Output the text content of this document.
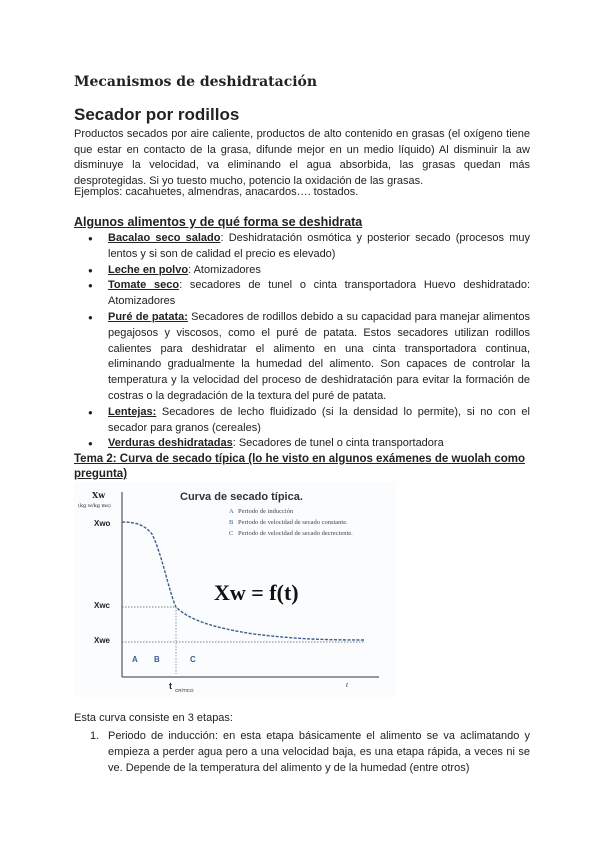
Mecanismos de deshidratación
Secador por rodillos
Productos secados por aire caliente, productos de alto contenido en grasas (el oxígeno tiene que estar en contacto de la grasa, difunde mejor en un medio líquido) Al disminuir la aw disminuye la velocidad, va eliminando el agua absorbida, las grasas quedan más desprotegidas. Si yo tuesto mucho, potencio la oxidación de las grasas.
Ejemplos: cacahuetes, almendras, anacardos…. tostados.
Algunos alimentos y de qué forma se deshidrata
● Bacalao seco salado: Deshidratación osmótica y posterior secado (procesos muy lentos y si son de calidad el precio es elevado)
● Leche en polvo: Atomizadores
● Tomate seco: secadores de tunel o cinta transportadora Huevo deshidratado: Atomizadores
● Puré de patata: Secadores de rodillos debido a su capacidad para manejar alimentos pegajosos y viscosos, como el puré de patata. Estos secadores utilizan rodillos calientes para deshidratar el alimento en una cinta transportadora continua, eliminando gradualmente la humedad del alimento. Son capaces de controlar la temperatura y la velocidad del proceso de deshidratación para evitar la formación de costras o la degradación de la textura del puré de patata.
● Lentejas: Secadores de lecho fluidizado (si la densidad lo permite), si no con el secador para granos (cereales)
● Verduras deshidratadas: Secadores de tunel o cinta transportadora
Tema 2: Curva de secado típica (lo he visto en algunos exámenes de wuolah como pregunta)
Xw
(kg w/kg ms)
Curva de secado típica.
A Periodo de inducción
B Periodo de velocidad de secado constante.
C Periodo de velocidad de secado decreciente.
Xwo
Xwc
Xwe
Xw = f(t)
A B	C
t CRÍTICO
t
Esta curva consiste en 3 etapas:
1. Periodo de inducción: en esta etapa básicamente el alimento se va aclimatando y empieza a perder agua pero a una velocidad baja, es una etapa rápida, a veces ni se ve. Depende de la temperatura del alimento y de la humedad (entre otros)
